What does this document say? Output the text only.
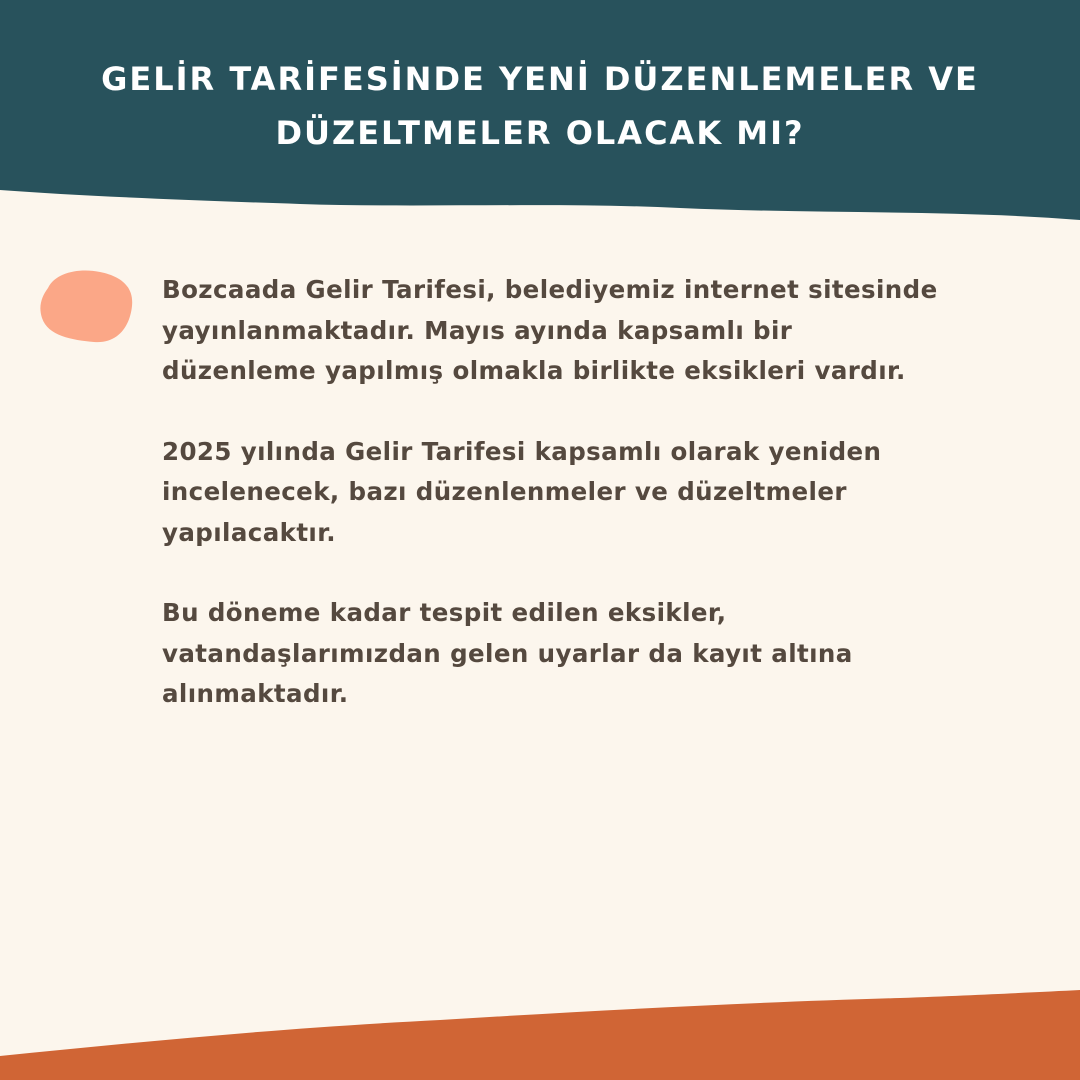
GELİR TARİFESİNDE YENİ DÜZENLEMELER VE
DÜZELTMELER OLACAK MI?

Bozcaada Gelir Tarifesi, belediyemiz internet sitesinde
yayınlanmaktadır. Mayıs ayında kapsamlı bir
düzenleme yapılmış olmakla birlikte eksikleri vardır.

2025 yılında Gelir Tarifesi kapsamlı olarak yeniden
incelenecek, bazı düzenlenmeler ve düzeltmeler
yapılacaktır.

Bu döneme kadar tespit edilen eksikler,
vatandaşlarımızdan gelen uyarlar da kayıt altına
alınmaktadır.
